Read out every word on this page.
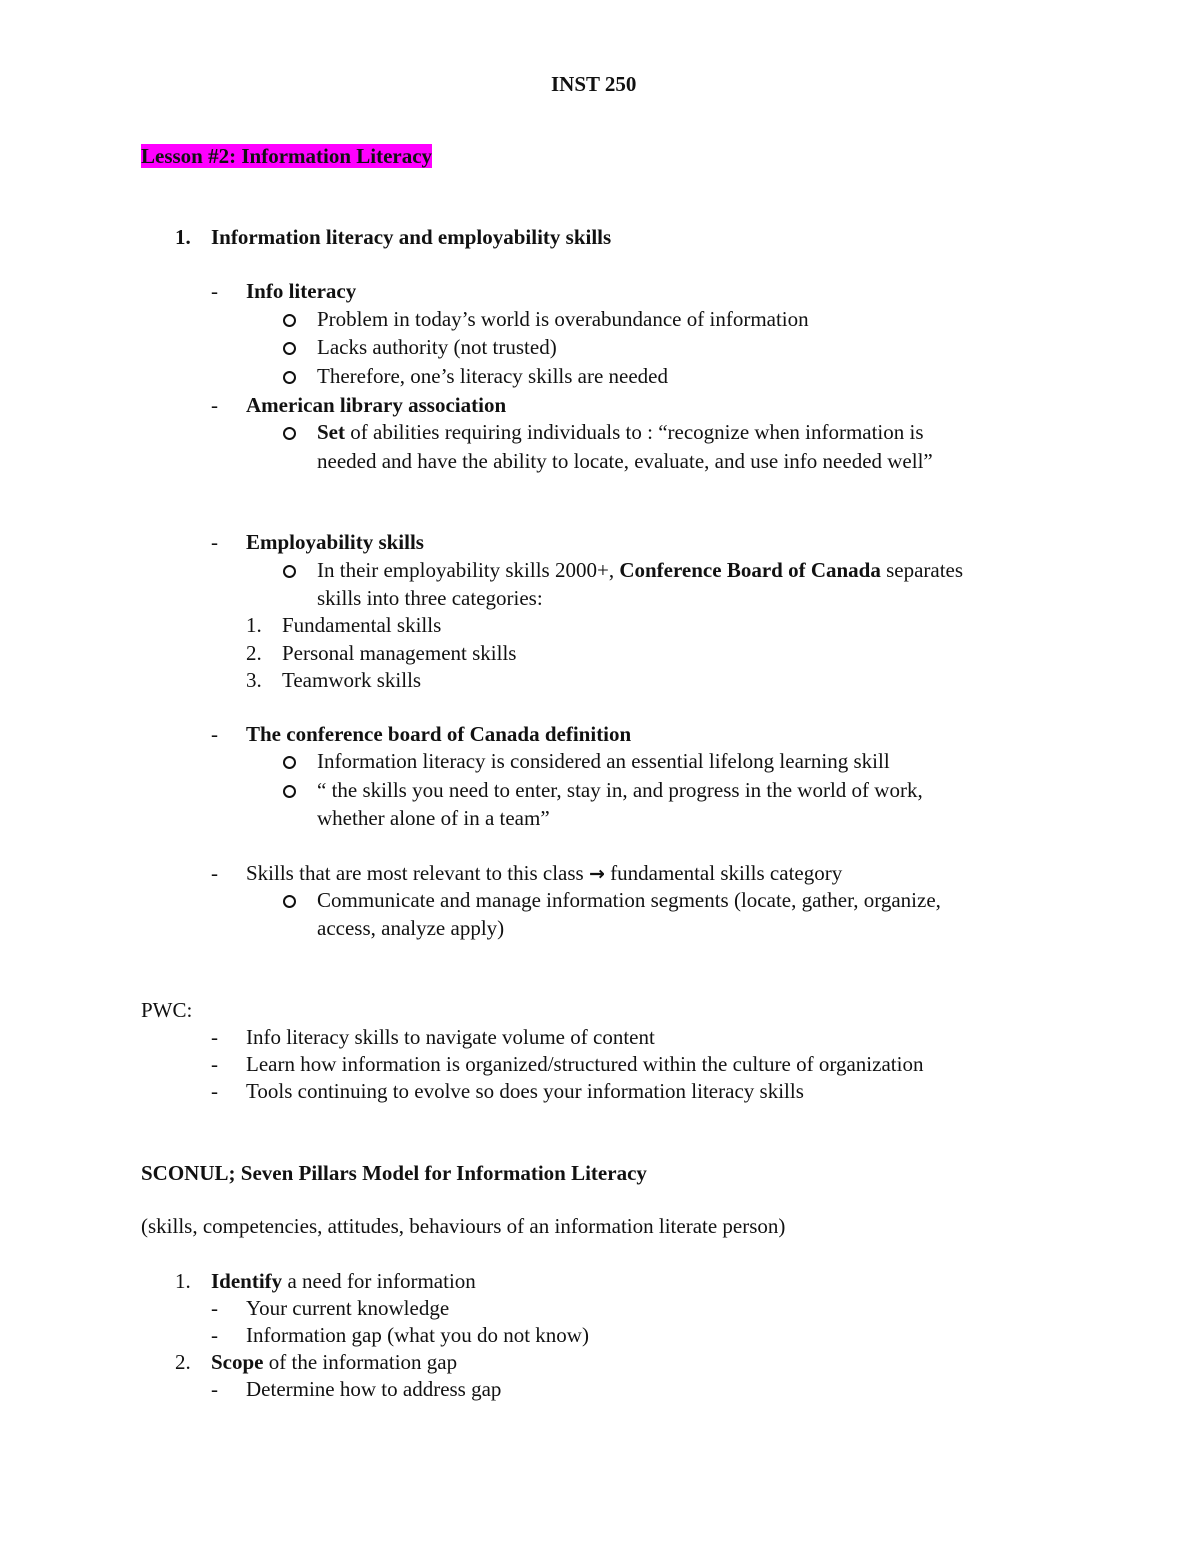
INST 250
Lesson #2: Information Literacy
1. Information literacy and employability skills
- Info literacy
Problem in today’s world is overabundance of information
Lacks authority (not trusted)
Therefore, one’s literacy skills are needed
- American library association
Set of abilities requiring individuals to : “recognize when information is
needed and have the ability to locate, evaluate, and use info needed well”
- Employability skills
In their employability skills 2000+, Conference Board of Canada separates
skills into three categories:
1. Fundamental skills
2. Personal management skills
3. Teamwork skills
- The conference board of Canada definition
Information literacy is considered an essential lifelong learning skill
“ the skills you need to enter, stay in, and progress in the world of work,
whether alone of in a team”
- Skills that are most relevant to this class → fundamental skills category
Communicate and manage information segments (locate, gather, organize,
access, analyze apply)
PWC:
- Info literacy skills to navigate volume of content
- Learn how information is organized/structured within the culture of organization
- Tools continuing to evolve so does your information literacy skills
SCONUL; Seven Pillars Model for Information Literacy
(skills, competencies, attitudes, behaviours of an information literate person)
1. Identify a need for information
- Your current knowledge
- Information gap (what you do not know)
2. Scope of the information gap
- Determine how to address gap
